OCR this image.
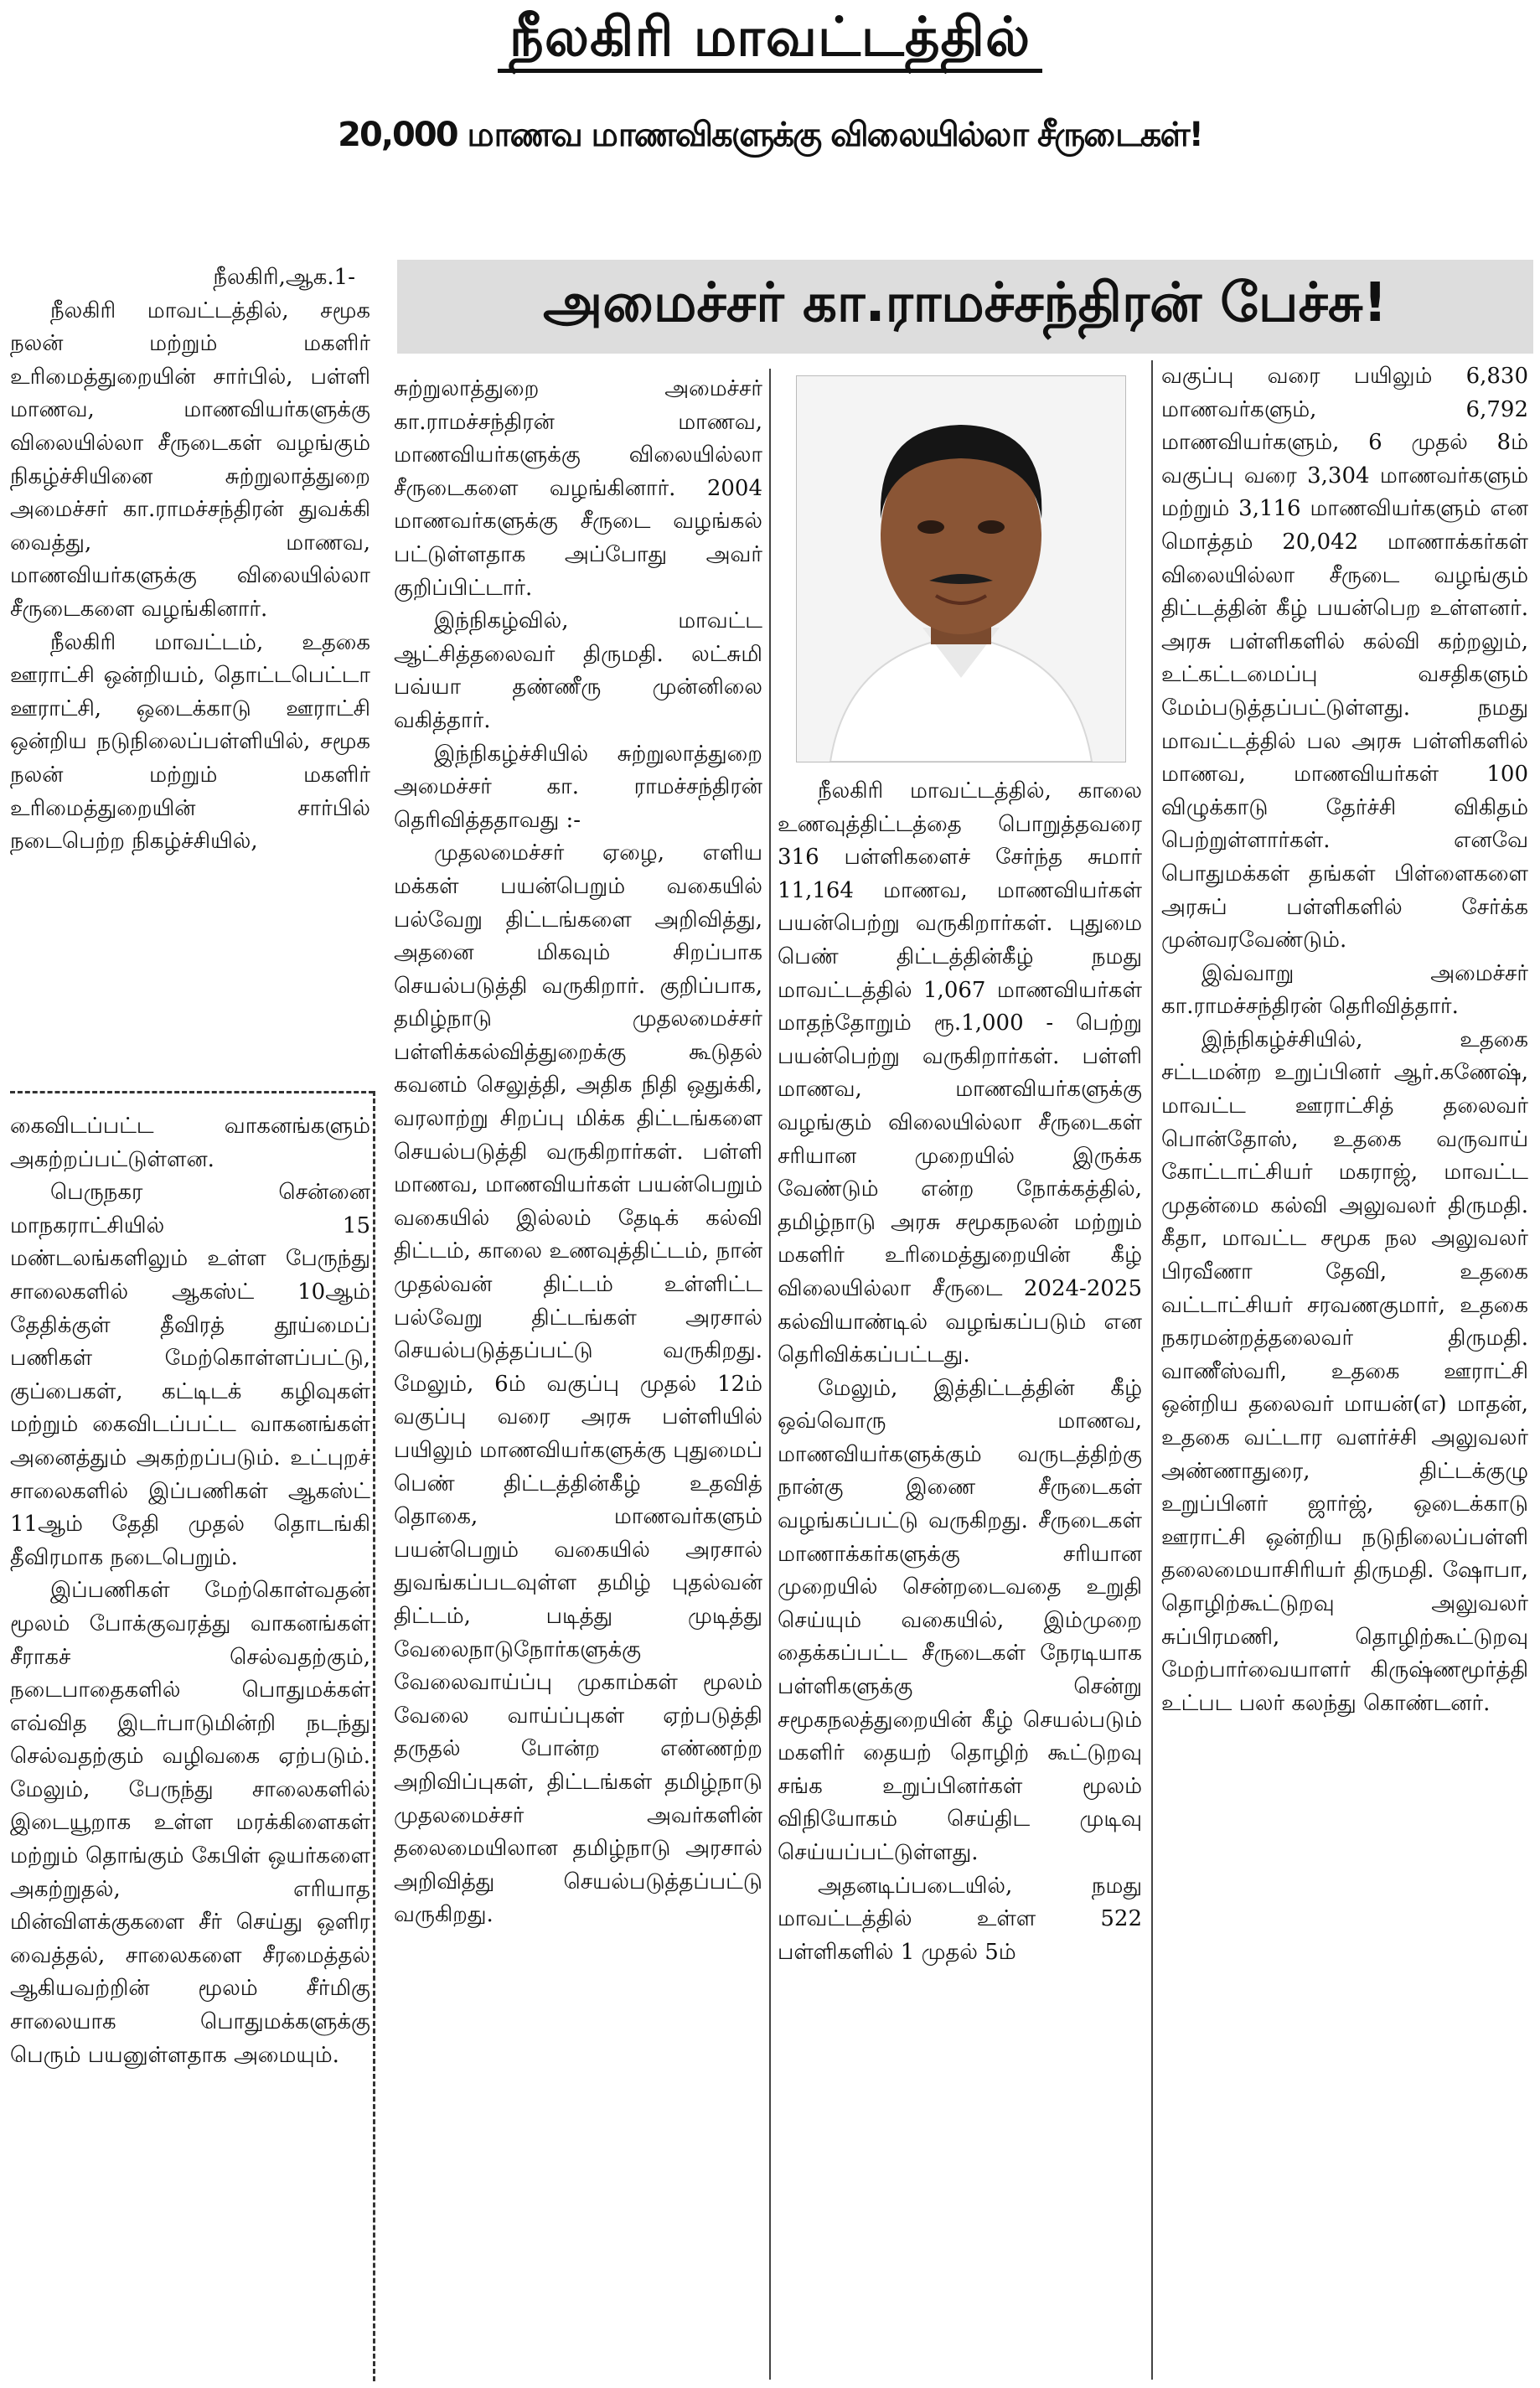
நீலகிரி மாவட்டத்தில்
20,000 மாணவ மாணவிகளுக்கு விலையில்லா சீருடைகள்!
அமைச்சர் கா.ராமச்சந்திரன் பேச்சு!

நீலகிரி,ஆக.1-

நீலகிரி மாவட்டத்தில், சமூக நலன் மற்றும் மகளிர் உரிமைத்துறையின் சார்பில், பள்ளி மாணவ, மாணவியர்களுக்கு விலையில்லா சீருடைகள் வழங்கும் நிகழ்ச்சியினை சுற்றுலாத்துறை அமைச்சர் கா.ராமச்சந்திரன் துவக்கி வைத்து, மாணவ, மாணவியர்களுக்கு விலையில்லா சீருடைகளை வழங்கினார்.

நீலகிரி மாவட்டம், உதகை ஊராட்சி ஒன்றியம், தொட்டபெட்டா ஊராட்சி, ஒடைக்காடு ஊராட்சி ஒன்றிய நடுநிலைப்பள்ளியில், சமூக நலன் மற்றும் மகளிர் உரிமைத்துறையின் சார்பில் நடைபெற்ற நிகழ்ச்சியில்,

கைவிடப்பட்ட வாகனங்களும் அகற்றப்பட்டுள்ளன.

பெருநகர சென்னை மாநகராட்சியில் 15 மண்டலங்களிலும் உள்ள பேருந்து சாலைகளில் ஆகஸ்ட் 10ஆம் தேதிக்குள் தீவிரத் தூய்மைப் பணிகள் மேற்கொள்ளப்பட்டு, குப்பைகள், கட்டிடக் கழிவுகள் மற்றும் கைவிடப்பட்ட வாகனங்கள் அனைத்தும் அகற்றப்படும். உட்புறச் சாலைகளில் இப்பணிகள் ஆகஸ்ட் 11ஆம் தேதி முதல் தொடங்கி தீவிரமாக நடைபெறும்.

இப்பணிகள் மேற்கொள்வதன் மூலம் போக்குவரத்து வாகனங்கள் சீராகச் செல்வதற்கும், நடைபாதைகளில் பொதுமக்கள் எவ்வித இடர்பாடுமின்றி நடந்து செல்வதற்கும் வழிவகை ஏற்படும். மேலும், பேருந்து சாலைகளில் இடையூறாக உள்ள மரக்கிளைகள் மற்றும் தொங்கும் கேபிள் ஒயர்களை அகற்றுதல், எரியாத மின்விளக்குகளை சீர் செய்து ஒளிர வைத்தல், சாலைகளை சீரமைத்தல் ஆகியவற்றின் மூலம் சீர்மிகு சாலையாக பொதுமக்களுக்கு பெரும் பயனுள்ளதாக அமையும்.

சுற்றுலாத்துறை அமைச்சர் கா.ராமச்சந்திரன் மாணவ, மாணவியர்களுக்கு விலையில்லா சீருடைகளை வழங்கினார். 2004 மாணவர்களுக்கு சீருடை வழங்கல் பட்டுள்ளதாக அப்போது அவர் குறிப்பிட்டார்.

இந்நிகழ்வில், மாவட்ட ஆட்சித்தலைவர் திருமதி. லட்சுமி பவ்யா தண்ணீரு முன்னிலை வகித்தார்.

இந்நிகழ்ச்சியில் சுற்றுலாத்துறை அமைச்சர் கா. ராமச்சந்திரன் தெரிவித்ததாவது :-

முதலமைச்சர் ஏழை, எளிய மக்கள் பயன்பெறும் வகையில் பல்வேறு திட்டங்களை அறிவித்து, அதனை மிகவும் சிறப்பாக செயல்படுத்தி வருகிறார். குறிப்பாக, தமிழ்நாடு முதலமைச்சர் பள்ளிக்கல்வித்துறைக்கு கூடுதல் கவனம் செலுத்தி, அதிக நிதி ஒதுக்கி, வரலாற்று சிறப்பு மிக்க திட்டங்களை செயல்படுத்தி வருகிறார்கள். பள்ளி மாணவ, மாணவியர்கள் பயன்பெறும் வகையில் இல்லம் தேடிக் கல்வி திட்டம், காலை உணவுத்திட்டம், நான் முதல்வன் திட்டம் உள்ளிட்ட பல்வேறு திட்டங்கள் அரசால் செயல்படுத்தப்பட்டு வருகிறது. மேலும், 6ம் வகுப்பு முதல் 12ம் வகுப்பு வரை அரசு பள்ளியில் பயிலும் மாணவியர்களுக்கு புதுமைப் பெண் திட்டத்தின்கீழ் உதவித் தொகை, மாணவர்களும் பயன்பெறும் வகையில் அரசால் துவங்கப்படவுள்ள தமிழ் புதல்வன் திட்டம், படித்து முடித்து வேலைநாடுநோர்களுக்கு வேலைவாய்ப்பு முகாம்கள் மூலம் வேலை வாய்ப்புகள் ஏற்படுத்தி தருதல் போன்ற எண்ணற்ற அறிவிப்புகள், திட்டங்கள் தமிழ்நாடு முதலமைச்சர் அவர்களின் தலைமையிலான தமிழ்நாடு அரசால் அறிவித்து செயல்படுத்தப்பட்டு வருகிறது.

நீலகிரி மாவட்டத்தில், காலை உணவுத்திட்டத்தை பொறுத்தவரை 316 பள்ளிகளைச் சேர்ந்த சுமார் 11,164 மாணவ, மாணவியர்கள் பயன்பெற்று வருகிறார்கள். புதுமை பெண் திட்டத்தின்கீழ் நமது மாவட்டத்தில் 1,067 மாணவியர்கள் மாதந்தோறும் ரூ.1,000 - பெற்று பயன்பெற்று வருகிறார்கள். பள்ளி மாணவ, மாணவியர்களுக்கு வழங்கும் விலையில்லா சீருடைகள் சரியான முறையில் இருக்க வேண்டும் என்ற நோக்கத்தில், தமிழ்நாடு அரசு சமூகநலன் மற்றும் மகளிர் உரிமைத்துறையின் கீழ் விலையில்லா சீருடை 2024-2025 கல்வியாண்டில் வழங்கப்படும் என தெரிவிக்கப்பட்டது.

மேலும், இத்திட்டத்தின் கீழ் ஒவ்வொரு மாணவ, மாணவியர்களுக்கும் வருடத்திற்கு நான்கு இணை சீருடைகள் வழங்கப்பட்டு வருகிறது. சீருடைகள் மாணாக்கர்களுக்கு சரியான முறையில் சென்றடைவதை உறுதி செய்யும் வகையில், இம்முறை தைக்கப்பட்ட சீருடைகள் நேரடியாக பள்ளிகளுக்கு சென்று சமூகநலத்துறையின் கீழ் செயல்படும் மகளிர் தையற் தொழிற் கூட்டுறவு சங்க உறுப்பினர்கள் மூலம் விநியோகம் செய்திட முடிவு செய்யப்பட்டுள்ளது.

அதனடிப்படையில், நமது மாவட்டத்தில் உள்ள 522 பள்ளிகளில் 1 முதல் 5ம்

வகுப்பு வரை பயிலும் 6,830 மாணவர்களும், 6,792 மாணவியர்களும், 6 முதல் 8ம் வகுப்பு வரை 3,304 மாணவர்களும் மற்றும் 3,116 மாணவியர்களும் என மொத்தம் 20,042 மாணாக்கர்கள் விலையில்லா சீருடை வழங்கும் திட்டத்தின் கீழ் பயன்பெற உள்ளனர். அரசு பள்ளிகளில் கல்வி கற்றலும், உட்கட்டமைப்பு வசதிகளும் மேம்படுத்தப்பட்டுள்ளது. நமது மாவட்டத்தில் பல அரசு பள்ளிகளில் மாணவ, மாணவியர்கள் 100 விழுக்காடு தேர்ச்சி விகிதம் பெற்றுள்ளார்கள். எனவே பொதுமக்கள் தங்கள் பிள்ளைகளை அரசுப் பள்ளிகளில் சேர்க்க முன்வரவேண்டும்.

இவ்வாறு அமைச்சர் கா.ராமச்சந்திரன் தெரிவித்தார்.

இந்நிகழ்ச்சியில், உதகை சட்டமன்ற உறுப்பினர் ஆர்.கணேஷ், மாவட்ட ஊராட்சித் தலைவர் பொன்தோஸ், உதகை வருவாய் கோட்டாட்சியர் மகராஜ், மாவட்ட முதன்மை கல்வி அலுவலர் திருமதி. கீதா, மாவட்ட சமூக நல அலுவலர் பிரவீணா தேவி, உதகை வட்டாட்சியர் சரவணகுமார், உதகை நகரமன்றத்தலைவர் திருமதி. வாணீஸ்வரி, உதகை ஊராட்சி ஒன்றிய தலைவர் மாயன்(எ) மாதன், உதகை வட்டார வளர்ச்சி அலுவலர் அண்ணாதுரை, திட்டக்குழு உறுப்பினர் ஜார்ஜ், ஒடைக்காடு ஊராட்சி ஒன்றிய நடுநிலைப்பள்ளி தலைமையாசிரியர் திருமதி. ஷோபா, தொழிற்கூட்டுறவு அலுவலர் சுப்பிரமணி, தொழிற்கூட்டுறவு மேற்பார்வையாளர் கிருஷ்ணமூர்த்தி உட்பட பலர் கலந்து கொண்டனர்.
